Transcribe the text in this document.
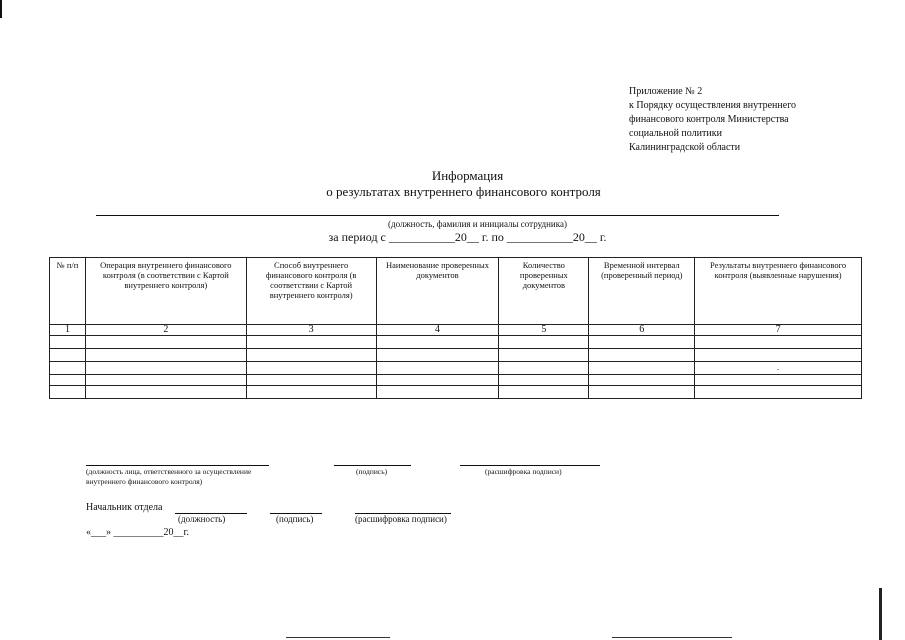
Приложение № 2
к Порядку осуществления внутреннего
финансового контроля Министерства
социальной политики
Калининградской области
Информация
о результатах внутреннего финансового контроля
(должность, фамилия и инициалы сотрудника)
за период с ___________20__ г. по ___________20__ г.
№ п/п	Операция внутреннего финансового контроля (в соответствии с Картой внутреннего контроля)	Способ внутреннего финансового контроля (в соответствии с Картой внутреннего контроля)	Наименование проверенных документов	Количество проверенных документов	Временной интервал (проверенный период)	Результаты внутреннего финансового контроля (выявленные нарушения)
1	2	3	4	5	6	7

						.

(должность лица, ответственного за осуществление внутреннего финансового контроля)
(подпись)	(расшифровка подписи)
Начальник отдела
(должность)	(подпись)	(расшифровка подписи)
«___» __________20__г.
